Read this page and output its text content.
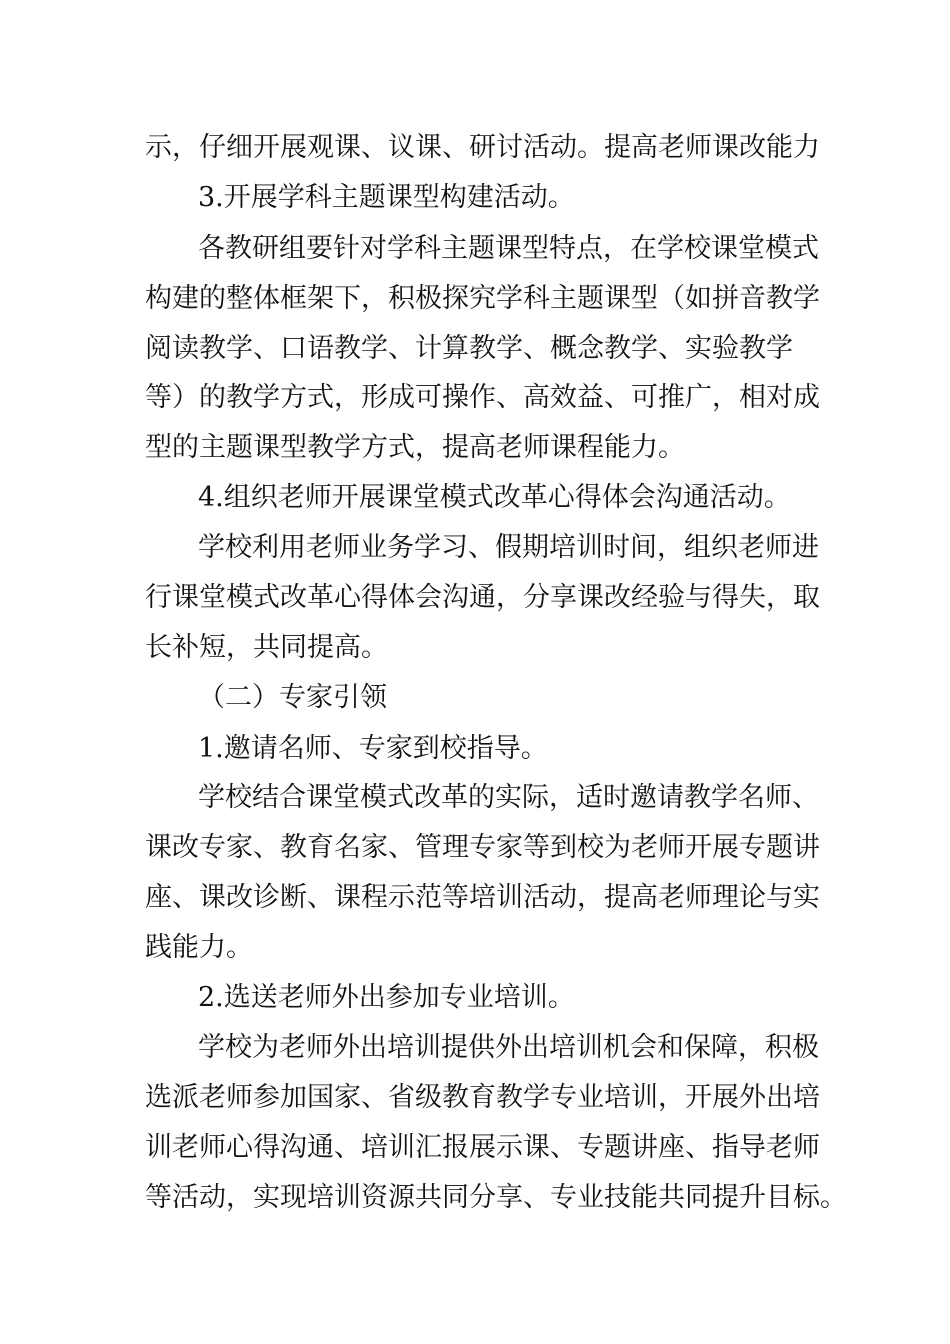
示，仔细开展观课、议课、研讨活动。提高老师课改能力
3.开展学科主题课型构建活动。
各教研组要针对学科主题课型特点，在学校课堂模式
构建的整体框架下，积极探究学科主题课型（如拼音教学
阅读教学、口语教学、计算教学、概念教学、实验教学
等）的教学方式，形成可操作、高效益、可推广，相对成
型的主题课型教学方式，提高老师课程能力。
4.组织老师开展课堂模式改革心得体会沟通活动。
学校利用老师业务学习、假期培训时间，组织老师进
行课堂模式改革心得体会沟通，分享课改经验与得失，取
长补短，共同提高。
（二）专家引领
1.邀请名师、专家到校指导。
学校结合课堂模式改革的实际，适时邀请教学名师、
课改专家、教育名家、管理专家等到校为老师开展专题讲
座、课改诊断、课程示范等培训活动，提高老师理论与实
践能力。
2.选送老师外出参加专业培训。
学校为老师外出培训提供外出培训机会和保障，积极
选派老师参加国家、省级教育教学专业培训，开展外出培
训老师心得沟通、培训汇报展示课、专题讲座、指导老师
等活动，实现培训资源共同分享、专业技能共同提升目标。
